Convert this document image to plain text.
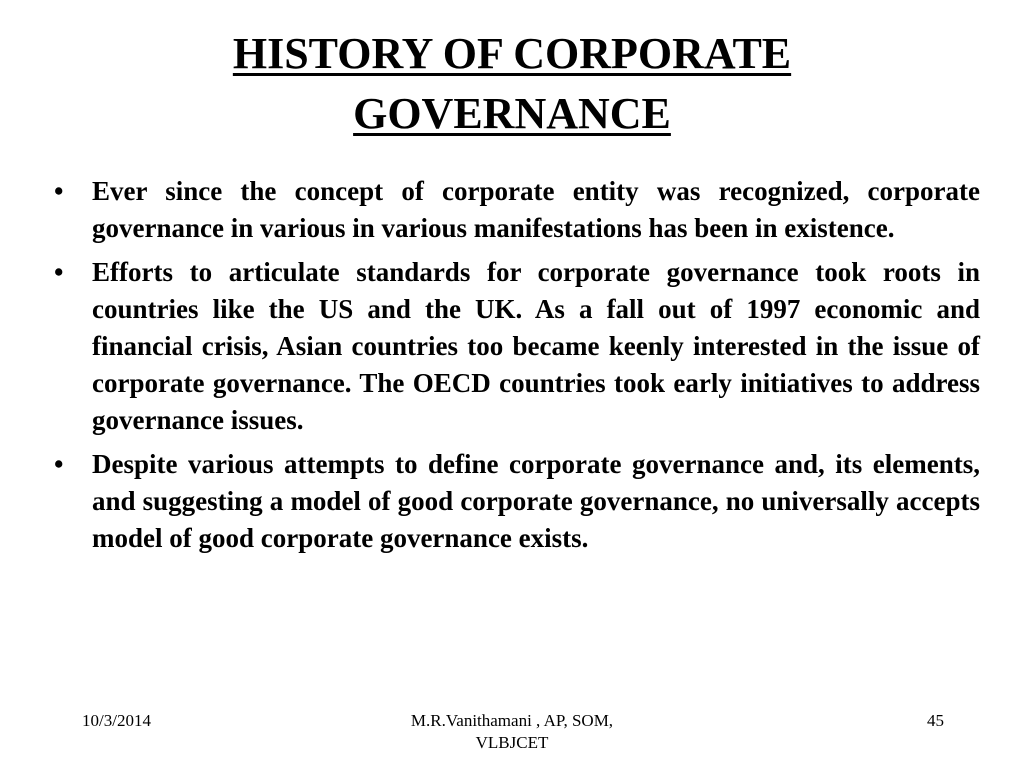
HISTORY OF CORPORATE
GOVERNANCE
•	Ever since the concept of corporate entity was recognized, corporate governance in various in various manifestations has been in existence.
•	Efforts to articulate standards for corporate governance took roots in countries like the US and the UK. As a fall out of 1997 economic and financial crisis, Asian countries too became keenly interested in the issue of corporate governance. The OECD countries took early initiatives to address governance issues.
•	Despite various attempts to define corporate governance and, its elements, and suggesting a model of good corporate governance, no universally accepts model of good corporate governance exists.
10/3/2014	M.R.Vanithamani , AP, SOM,
VLBJCET
45
